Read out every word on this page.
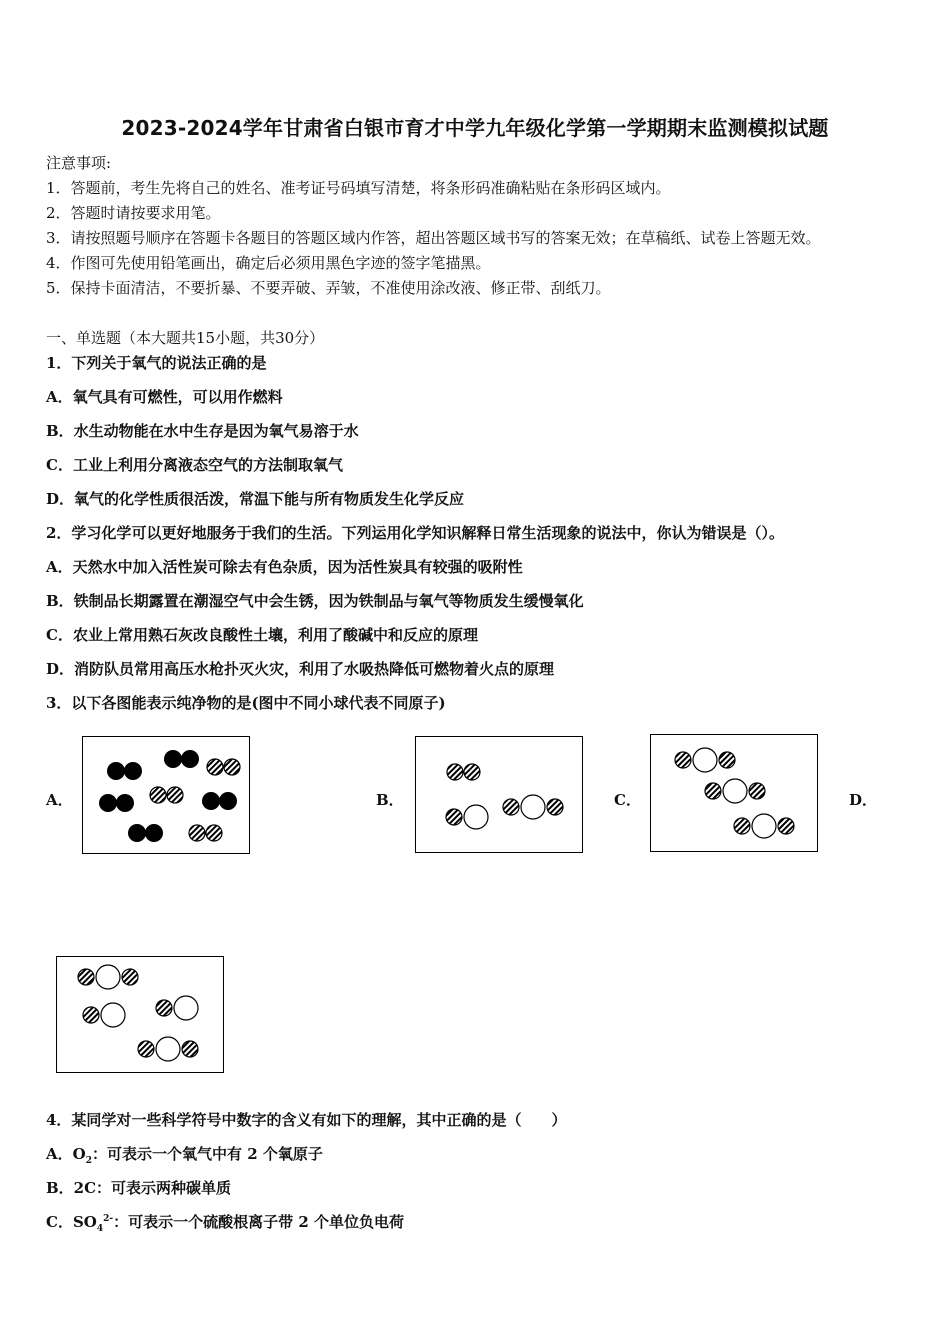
2023-2024学年甘肃省白银市育才中学九年级化学第一学期期末监测模拟试题
注意事项:
1．答题前，考生先将自己的姓名、准考证号码填写清楚，将条形码准确粘贴在条形码区域内。
2．答题时请按要求用笔。
3．请按照题号顺序在答题卡各题目的答题区域内作答，超出答题区域书写的答案无效；在草稿纸、试卷上答题无效。
4．作图可先使用铅笔画出，确定后必须用黑色字迹的签字笔描黑。
5．保持卡面清洁，不要折暴、不要弄破、弄皱，不准使用涂改液、修正带、刮纸刀。
一、单选题（本大题共15小题，共30分）
1．下列关于氧气的说法正确的是
A．氧气具有可燃性，可以用作燃料
B．水生动物能在水中生存是因为氧气易溶于水
C．工业上利用分离液态空气的方法制取氧气
D．氧气的化学性质很活泼，常温下能与所有物质发生化学反应
2．学习化学可以更好地服务于我们的生活。下列运用化学知识解释日常生活现象的说法中，你认为错误是（）。
A．天然水中加入活性炭可除去有色杂质，因为活性炭具有较强的吸附性
B．铁制品长期露置在潮湿空气中会生锈，因为铁制品与氧气等物质发生缓慢氧化
C．农业上常用熟石灰改良酸性土壤，利用了酸碱中和反应的原理
D．消防队员常用高压水枪扑灭火灾，利用了水吸热降低可燃物着火点的原理
3．以下各图能表示纯净物的是(图中不同小球代表不同原子)
A．	B．	C．	D．
4．某同学对一些科学符号中数字的含义有如下的理解，其中正确的是（　　）
A．$O_2$：可表示一个氧气中有 2 个氧原子
B．2C：可表示两种碳单质
C．$SO_4^{2-}$：可表示一个硫酸根离子带 2 个单位负电荷
